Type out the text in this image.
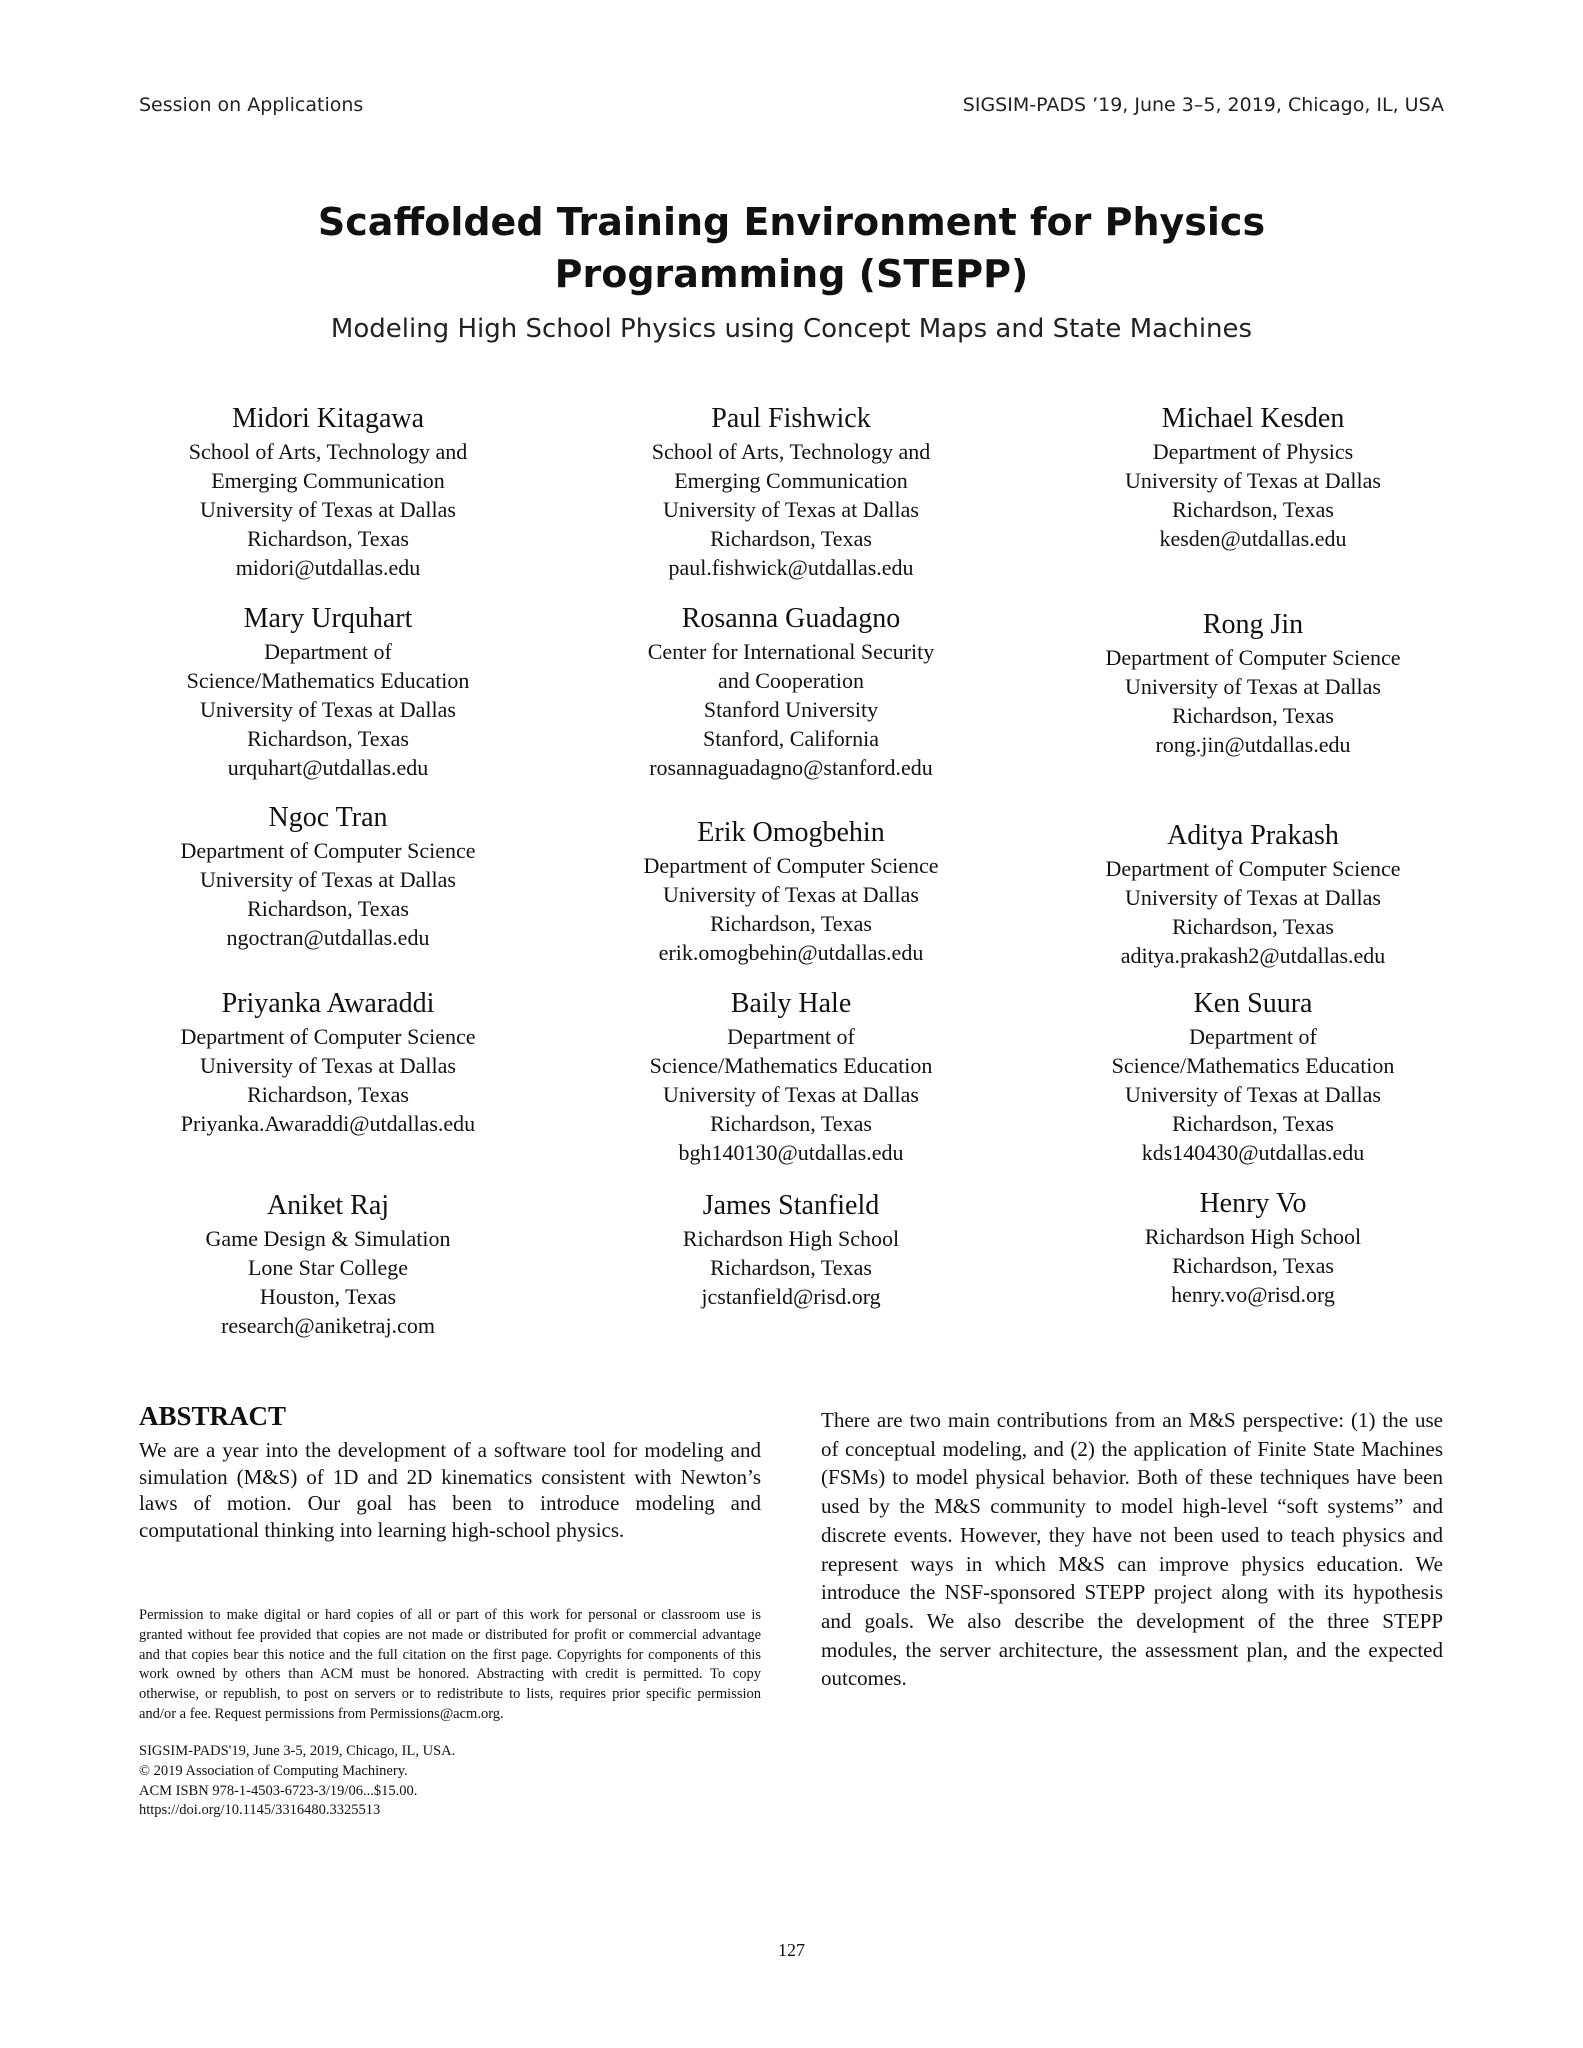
Session on Applications	SIGSIM-PADS ’19, June 3–5, 2019, Chicago, IL, USA
Scaffolded Training Environment for Physics
Programming (STEPP)
Modeling High School Physics using Concept Maps and State Machines
Midori Kitagawa
School of Arts, Technology and
Emerging Communication
University of Texas at Dallas
Richardson, Texas
midori@utdallas.edu
Paul Fishwick
School of Arts, Technology and
Emerging Communication
University of Texas at Dallas
Richardson, Texas
paul.fishwick@utdallas.edu
Michael Kesden
Department of Physics
University of Texas at Dallas
Richardson, Texas
kesden@utdallas.edu
Mary Urquhart
Department of
Science/Mathematics Education
University of Texas at Dallas
Richardson, Texas
urquhart@utdallas.edu
Rosanna Guadagno
Center for International Security
and Cooperation
Stanford University
Stanford, California
rosannaguadagno@stanford.edu
Rong Jin
Department of Computer Science
University of Texas at Dallas
Richardson, Texas
rong.jin@utdallas.edu
Ngoc Tran
Department of Computer Science
University of Texas at Dallas
Richardson, Texas
ngoctran@utdallas.edu
Erik Omogbehin
Department of Computer Science
University of Texas at Dallas
Richardson, Texas
erik.omogbehin@utdallas.edu
Aditya Prakash
Department of Computer Science
University of Texas at Dallas
Richardson, Texas
aditya.prakash2@utdallas.edu
Priyanka Awaraddi
Department of Computer Science
University of Texas at Dallas
Richardson, Texas
Priyanka.Awaraddi@utdallas.edu
Baily Hale
Department of
Science/Mathematics Education
University of Texas at Dallas
Richardson, Texas
bgh140130@utdallas.edu
Ken Suura
Department of
Science/Mathematics Education
University of Texas at Dallas
Richardson, Texas
kds140430@utdallas.edu
Aniket Raj
Game Design & Simulation
Lone Star College
Houston, Texas
research@aniketraj.com
James Stanfield
Richardson High School
Richardson, Texas
jcstanfield@risd.org
Henry Vo
Richardson High School
Richardson, Texas
henry.vo@risd.org
ABSTRACT
We are a year into the development of a software tool for modeling and simulation (M&S) of 1D and 2D kinematics consistent with Newton’s laws of motion. Our goal has been to introduce modeling and computational thinking into learning high-school physics.
There are two main contributions from an M&S perspective: (1) the use of conceptual modeling, and (2) the application of Finite State Machines (FSMs) to model physical behavior. Both of these techniques have been used by the M&S community to model high-level “soft systems” and discrete events. However, they have not been used to teach physics and represent ways in which M&S can improve physics education. We introduce the NSF-sponsored STEPP project along with its hypothesis and goals. We also describe the development of the three STEPP modules, the server architecture, the assessment plan, and the expected outcomes.
Permission to make digital or hard copies of all or part of this work for personal or classroom use is granted without fee provided that copies are not made or distributed for profit or commercial advantage and that copies bear this notice and the full citation on the first page. Copyrights for components of this work owned by others than ACM must be honored. Abstracting with credit is permitted. To copy otherwise, or republish, to post on servers or to redistribute to lists, requires prior specific permission and/or a fee. Request permissions from Permissions@acm.org.
SIGSIM-PADS'19, June 3-5, 2019, Chicago, IL, USA.
© 2019 Association of Computing Machinery.
ACM ISBN 978-1-4503-6723-3/19/06...$15.00.
https://doi.org/10.1145/3316480.3325513
127
